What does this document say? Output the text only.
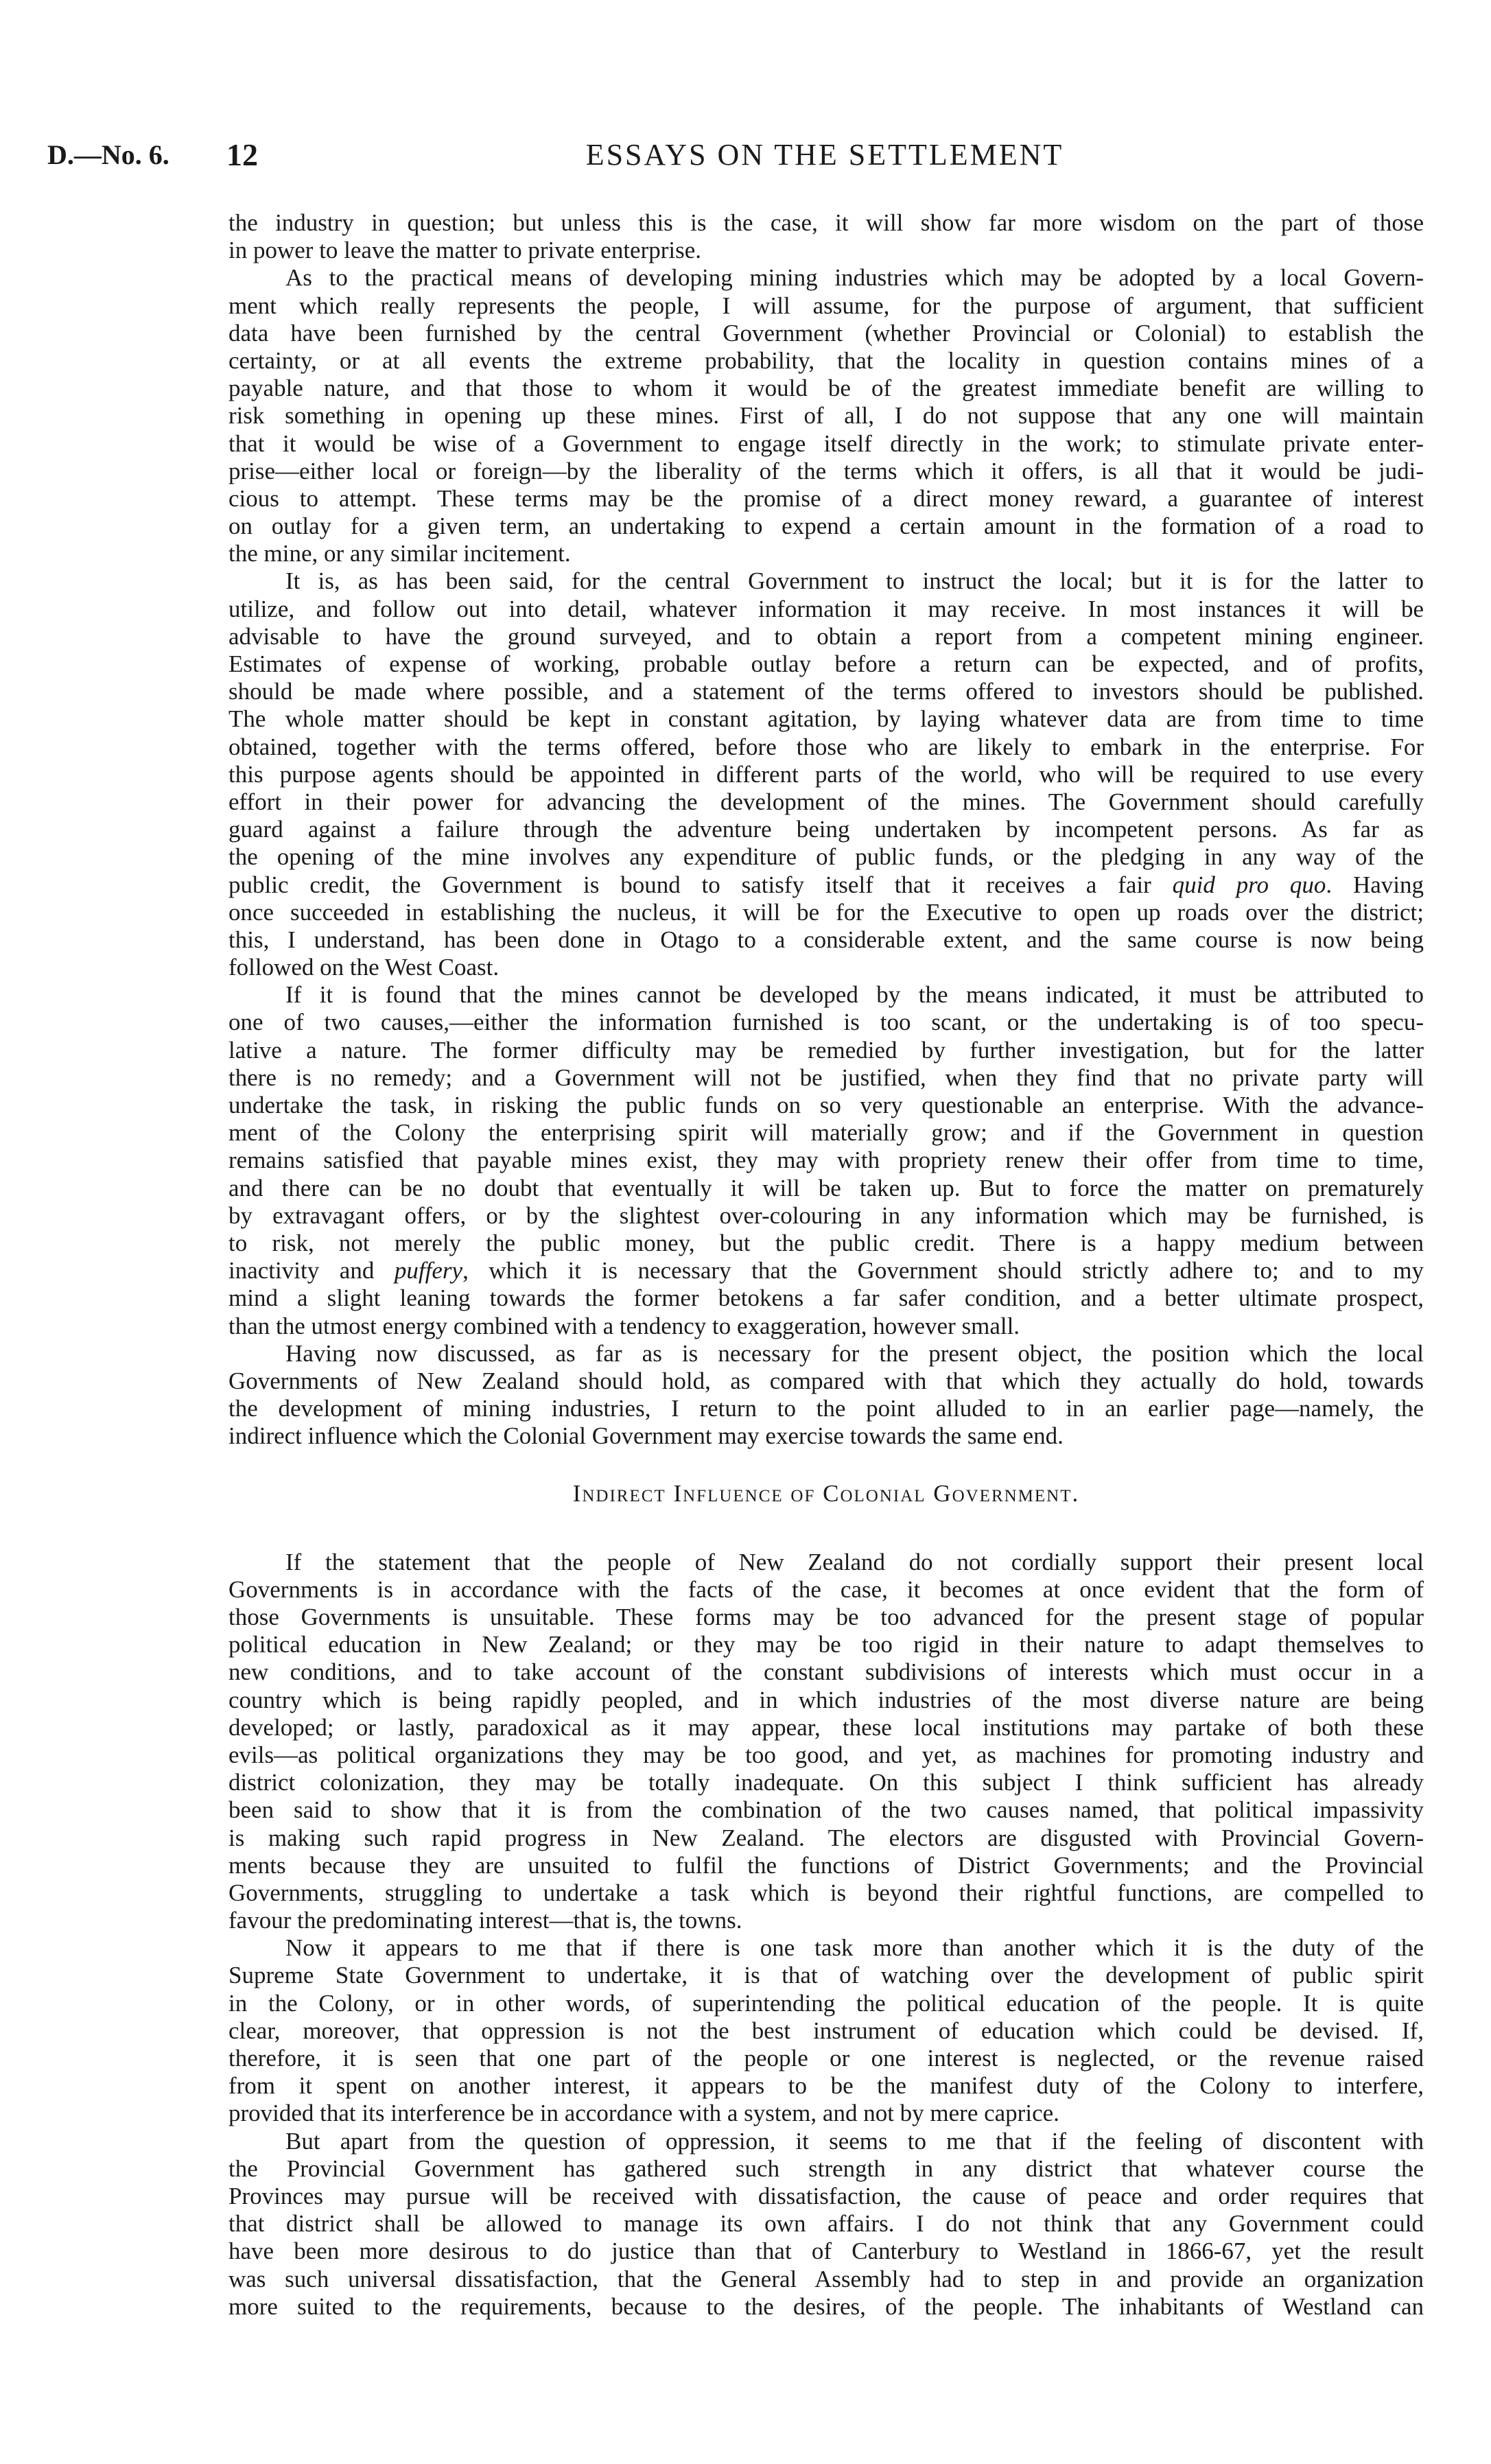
D.—No. 6. 12	ESSAYS ON THE SETTLEMENT
the industry in question; but unless this is the case, it will show far more wisdom on the part of those
in power to leave the matter to private enterprise.
As to the practical means of developing mining industries which may be adopted by a local Govern-
ment which really represents the people, I will assume, for the purpose of argument, that sufficient
data have been furnished by the central Government (whether Provincial or Colonial) to establish the
certainty, or at all events the extreme probability, that the locality in question contains mines of a
payable nature, and that those to whom it would be of the greatest immediate benefit are willing to
risk something in opening up these mines. First of all, I do not suppose that any one will maintain
that it would be wise of a Government to engage itself directly in the work; to stimulate private enter-
prise—either local or foreign—by the liberality of the terms which it offers, is all that it would be judi-
cious to attempt. These terms may be the promise of a direct money reward, a guarantee of interest
on outlay for a given term, an undertaking to expend a certain amount in the formation of a road to
the mine, or any similar incitement.
It is, as has been said, for the central Government to instruct the local; but it is for the latter to
utilize, and follow out into detail, whatever information it may receive. In most instances it will be
advisable to have the ground surveyed, and to obtain a report from a competent mining engineer.
Estimates of expense of working, probable outlay before a return can be expected, and of profits,
should be made where possible, and a statement of the terms offered to investors should be published.
The whole matter should be kept in constant agitation, by laying whatever data are from time to time
obtained, together with the terms offered, before those who are likely to embark in the enterprise. For
this purpose agents should be appointed in different parts of the world, who will be required to use every
effort in their power for advancing the development of the mines. The Government should carefully
guard against a failure through the adventure being undertaken by incompetent persons. As far as
the opening of the mine involves any expenditure of public funds, or the pledging in any way of the
public credit, the Government is bound to satisfy itself that it receives a fair quid pro quo. Having
once succeeded in establishing the nucleus, it will be for the Executive to open up roads over the district;
this, I understand, has been done in Otago to a considerable extent, and the same course is now being
followed on the West Coast.
If it is found that the mines cannot be developed by the means indicated, it must be attributed to
one of two causes,—either the information furnished is too scant, or the undertaking is of too specu-
lative a nature. The former difficulty may be remedied by further investigation, but for the latter
there is no remedy; and a Government will not be justified, when they find that no private party will
undertake the task, in risking the public funds on so very questionable an enterprise. With the advance-
ment of the Colony the enterprising spirit will materially grow; and if the Government in question
remains satisfied that payable mines exist, they may with propriety renew their offer from time to time,
and there can be no doubt that eventually it will be taken up. But to force the matter on prematurely
by extravagant offers, or by the slightest over-colouring in any information which may be furnished, is
to risk, not merely the public money, but the public credit. There is a happy medium between
inactivity and puffery, which it is necessary that the Government should strictly adhere to; and to my
mind a slight leaning towards the former betokens a far safer condition, and a better ultimate prospect,
than the utmost energy combined with a tendency to exaggeration, however small.
Having now discussed, as far as is necessary for the present object, the position which the local
Governments of New Zealand should hold, as compared with that which they actually do hold, towards
the development of mining industries, I return to the point alluded to in an earlier page—namely, the
indirect influence which the Colonial Government may exercise towards the same end.
Indirect Influence of Colonial Government.
If the statement that the people of New Zealand do not cordially support their present local
Governments is in accordance with the facts of the case, it becomes at once evident that the form of
those Governments is unsuitable. These forms may be too advanced for the present stage of popular
political education in New Zealand; or they may be too rigid in their nature to adapt themselves to
new conditions, and to take account of the constant subdivisions of interests which must occur in a
country which is being rapidly peopled, and in which industries of the most diverse nature are being
developed; or lastly, paradoxical as it may appear, these local institutions may partake of both these
evils—as political organizations they may be too good, and yet, as machines for promoting industry and
district colonization, they may be totally inadequate. On this subject I think sufficient has already
been said to show that it is from the combination of the two causes named, that political impassivity
is making such rapid progress in New Zealand. The electors are disgusted with Provincial Govern-
ments because they are unsuited to fulfil the functions of District Governments; and the Provincial
Governments, struggling to undertake a task which is beyond their rightful functions, are compelled to
favour the predominating interest—that is, the towns.
Now it appears to me that if there is one task more than another which it is the duty of the
Supreme State Government to undertake, it is that of watching over the development of public spirit
in the Colony, or in other words, of superintending the political education of the people. It is quite
clear, moreover, that oppression is not the best instrument of education which could be devised. If,
therefore, it is seen that one part of the people or one interest is neglected, or the revenue raised
from it spent on another interest, it appears to be the manifest duty of the Colony to interfere,
provided that its interference be in accordance with a system, and not by mere caprice.
But apart from the question of oppression, it seems to me that if the feeling of discontent with
the Provincial Government has gathered such strength in any district that whatever course the
Provinces may pursue will be received with dissatisfaction, the cause of peace and order requires that
that district shall be allowed to manage its own affairs. I do not think that any Government could
have been more desirous to do justice than that of Canterbury to Westland in 1866-67, yet the result
was such universal dissatisfaction, that the General Assembly had to step in and provide an organization
more suited to the requirements, because to the desires, of the people. The inhabitants of Westland can
